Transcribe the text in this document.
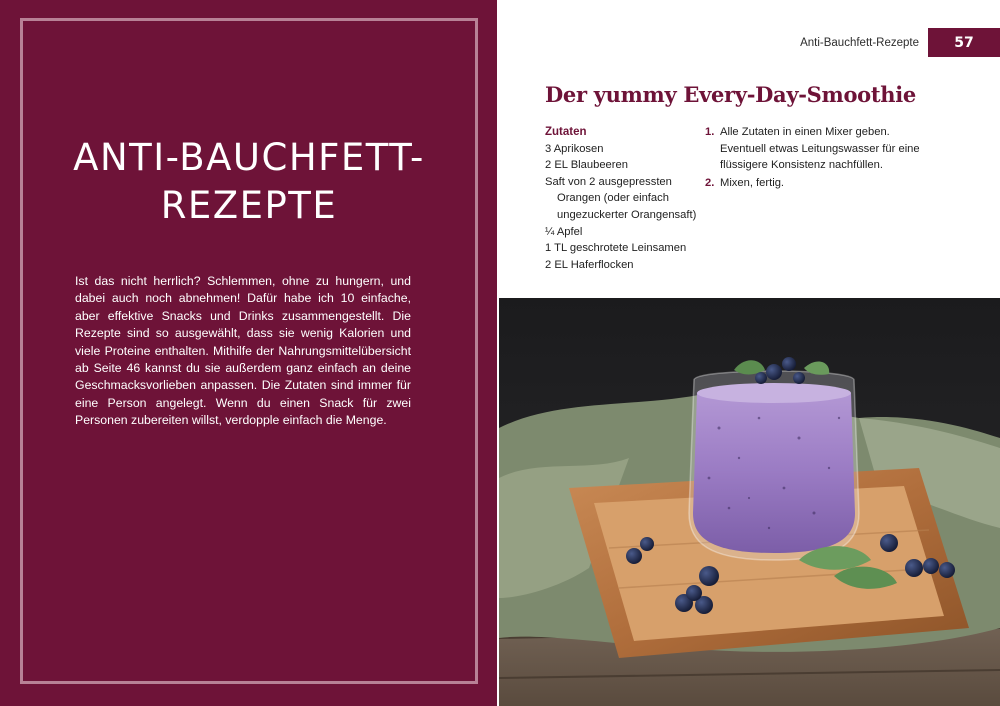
ANTI-BAUCHFETT-
REZEPTE

Ist das nicht herrlich? Schlemmen, ohne zu hungern, und dabei auch noch abnehmen! Dafür habe ich 10 einfache, aber effektive Snacks und Drinks zusammengestellt. Die Rezepte sind so ausgewählt, dass sie wenig Kalorien und viele Proteine enthalten. Mithilfe der Nahrungsmittelübersicht ab Seite 46 kannst du sie außerdem ganz einfach an deine Geschmacksvorlieben anpassen. Die Zutaten sind immer für eine Person angelegt. Wenn du einen Snack für zwei Personen zubereiten willst, verdopple einfach die Menge.

Anti-Bauchfett-Rezepte	57
Der yummy Every-Day-Smoothie
Zutaten
3 Aprikosen
2 EL Blaubeeren
Saft von 2 ausgepressten Orangen (oder einfach ungezuckerter Orangensaft)
¼ Apfel
1 TL geschrotete Leinsamen
2 EL Haferflocken
1. Alle Zutaten in einen Mixer geben. Eventuell etwas Leitungswasser für eine flüssigere Konsistenz nachfüllen.
2. Mixen, fertig.
